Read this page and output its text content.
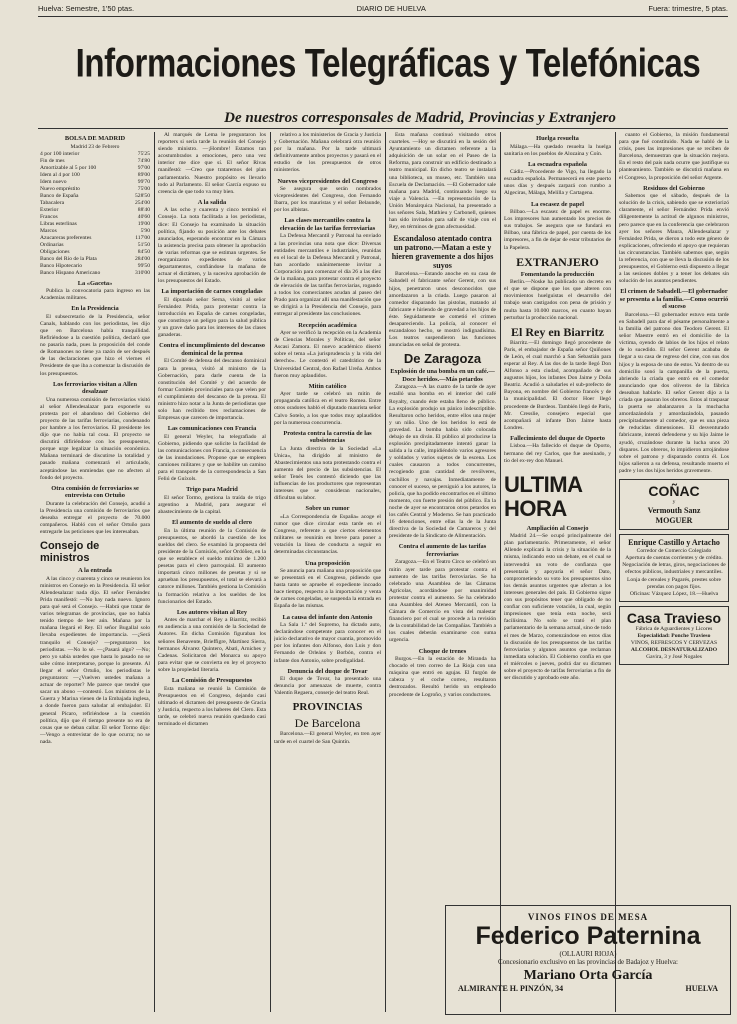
Huelva: Semestre, 1'50 ptas.	DIARIO DE HUELVA	Fuera: trimestre, 5 ptas.
Informaciones Telegráficas y Telefónicas
De nuestros corresponsales de Madrid, Provincias y Extranjero
BOLSA DE MADRID
Madrid 23 de Febrero
4 por 100 interior	75'25
Fin de mes	74'80
Amortizable al 5 por 100	97'00
Idem al 4 por 100	89'00
Idem nuevo	99'70
Nuevo empréstito	75'00
Banco de España	528'50
Tabacalera	254'00
Exterior	88'40
Francos	40'60
Libras esterlinas	19'00
Marcos	5'90
Azucareras preferentes	117'00
Ordinarias	51'50
Obligaciones	84'50
Banco del Río de la Plata	284'00
Banco Hipotecario	99'50
Banco Hispano Americano	310'00
La «Gaceta»

Publica la convocatoria para ingreso en las Academias militares.

En la Presidencia

El subsecretario de la Presidencia, señor Canals, hablando con los periodistas, les dijo que en Barcelona había tranquilidad. Refiriéndose a la cuestión política, declaró que no pasaría nada, pues la proposición del conde de Romanones no tiene ya razón de ser después de las declaraciones que hizo el viernes el Presidente de que iba a comenzar la discusión de los presupuestos.

Los ferroviarios visitan a Allen desalzaar

Una numerosa comisión de ferroviarios visitó al señor Allendesalazar para exponerle su protesta por el abandono del Gobierno del proyecto de las tarifas ferroviarias, condenando por hambre a los ferroviarios. El presidente les dijo que no había tal cosa. El proyecto se discutirá difiriéndose con los presupuestos, porque urge legalizar la situación económica. Mañana terminará de discutirse la totalidad y pasado mañana comenzará el articulado, aceptándose las enmiendas que no afecten al fondo del proyecto.

Otra comisión de ferroviarios se entrevista con Ortuño

Durante la celebración del Consejo, acudió a la Presidencia una comisión de ferroviarios que deseaba entregar el proyecto de 70.000 compañeros. Habló con el señor Ortuño para entregarle las peticiones que les interesaban.

Consejo de ministros
A la entrada

A las cinco y cuarenta y cinco se reunieron los ministros en Consejo en la Presidencia. El señor Allendesalazar nada dijo. El señor Fernández Prida manifestó: —No hay nada nuevo. Ignoro para qué será el Consejo. —Habrá que tratar de varios telegramas de provincias, que no había tenido tiempo de leer aún. Mañana por la mañana llegará el Rey. El señor Bugallal solo llevaba expedientes de importancia. —¿Será tranquilo el Consejo? —preguntaron los periodistas. —No lo sé. —¿Pasará algo? —No; pero yo sabía ustedes que hasta lo pasado no se sabe cómo interpretarse, porque lo presente. Al llegar el señor Ortuño, los periodistas le preguntaron: —¿Vuelven ustedes mañana a actuar de reporter? Me parece que tendré que sacar un abono —contestó. Los ministros de la Guerra y Marina vienen de la Embajada inglesa, a donde fueron para saludar al embajador. El general Pícaro, refiriéndose a la cuestión política, dijo que él tiempo presente no era de cosas que se deban callar. El señor Tormo dijo: —Vengo a entrevistar de lo que ocurra; no se nada.

Al marqués de Lema le preguntaron los reporters si sería tarde la reunión del Consejo siendo ministro. —¡Hombre! Estamos tan acostumbrados a emociones, pero una vez interior me dice que sí. El señor Rivas manifestó: —Creo que trataremos del plan parlamentario. Nuestro propósito es llevarlo todo al Parlamento. El señor García expuso su creencia de que todo va muy bien.

A la salida

A las ocho y cuarenta y cinco terminó el Consejo. La nota facilitada a los periodistas, dice: El Consejo ha examinado la situación política, fijando su posición ante los debates anunciados, esperando encontrar en la Cámara la asistencia precisa para obtener la aprobación de varias reformas que se estiman urgentes. Se reorganizaron expedientes de varios departamentos, confiándose la mañana de actuar el dictámen, y la sucesiva aprobación de los presupuestos del Estado.

La importación de carnes congeladas

El diputado señor Serna, visitó al señor Fernández Prida, para protestar contra la introducción en España de carnes congeladas, que constituye un peligro para la salud pública y un grave daño para los intereses de las clases ganaderas.

Contra el incumplimiento del descanso dominical de la prensa

El Comité de defensa del descanso dominical para la prensa, visitó al ministro de la Gobernación, para darle cuenta de la constitución del Comité y del acuerdo de formar Comités provinciales para que velen por el cumplimiento del descanso de la prensa. El ministro hizo notar a la Junta de periodistas que solo han recibido tres reclamaciones de Empresas que carecen de importancia.

Las comunicaciones con Francia

El general Weyler, ha telegrafiado al Gobierno, pidiendo que solicite la facilidad de las comunicaciones con Francia, a consecuencia de las inundaciones. Propone que se empleen camiones militares y que se habilite un camino para el transporte de la correspondencia a San Feliú de Guíxols.

Trigo para Madrid

El señor Tormo, gestiona la traída de trigo argentino a Madrid, para asegurar el abastecimiento de la capital.

El aumento de sueldo al clero

En la última reunión de la Comisión de presupuestos, se abordó la cuestión de los sueldos del clero. Se examinó la propuesta del presidente de la Comisión, señor Ordóñez, en la que se establece el sueldo mínimo de 1.200 pesetas para el clero parroquial. El aumento importará cinco millones de pesetas y si se aprueban los presupuestos, el total se elevará a catorce millones. También gestiona la Comisión la formación relativa a los sueldos de los funcionarios del Estado.

Los autores visitan al Rey

Antes de marchar el Rey a Biarritz, recibió en audiencia a una comisión de la Sociedad de Autores. En dicha Comisión figuraban los señores Benavente, Brieffigre, Martínez Sierra, hermanos Álvarez Quintero, Abati, Arniches y Cadenas. Solicitaron del Monarca su apoyo para evitar que se convierta en ley el proyecto sobre la propiedad literaria.

La Comisión de Presupuestos

Esta mañana se reunió la Comisión de Presupuestos en el Congreso, dejando casi ultimado el dictamen del presupuesto de Gracia y Justicia, respecto a los haberes del Clero. Esta tarde, se celebró nueva reunión quedando casi terminado el dictamen

relativo a los ministerios de Gracia y Justicia y Gobernación. Mañana celebrará otra reunión por la mañana. Por la tarde ultimará definitivamente ambos proyectos y pasará en el estudio de los presupuestos de otros ministerios.

Nuevos vicepresidentes del Congreso

Se asegura que serán nombrados vicepresidentes del Congreso, don Fernando Ibarra, por los mauristas y el señor Belaunde, por los albistas.

Las clases mercantiles contra la elevación de las tarifas ferroviarias

La Defensa Mercantil y Patronal ha enviado a las provincias una nota que dice: Diversas entidades mercantiles e industriales, reunidas en el local de la Defensa Mercantil y Patronal, han acordado unánimemente invitar a Corporación para comenzar el día 26 a las diez de la mañana, para protestar contra el proyecto de elevación de las tarifas ferroviarias, rogando a todos los comerciantes acudan al paseo del Prado para organizar allí una manifestación que se dirigirá a la Presidencia del Consejo, para entregar al presidente las conclusiones.

Recepción académica

Ayer se verificó la recepción en la Academia de Ciencias Morales y Políticas, del señor Ascasi Zamora. El nuevo académico disertó sobre el tema «La jurisprudencia y la vida del derecho». Le contestó el catedrático de la Universidad Central, don Rafael Ureña. Ambos fueron muy aplaudidos.

Mitin católico

Ayer tarde se celebró un mitin de propaganda católica en el teatro Romea. Entre otros oradores habló el diputado maurista señor Calvo Sotelo, a los que todos muy aplaudidos por la numerosa concurrencia.

Protesta contra la carestía de las subsistencias

La Junta directiva de la Sociedad «La Unica», ha dirigido al ministro de Abastecimientos una nota protestando contra el aumento del precio de las subsistencias. El señor Tenés les contestó diciendo que las influencias de los productores que representan intereses que se consideran nacionales, dificultan su labor.

Sobre un rumor

«La Correspondencia de España» acoge el rumor que dice circular esta tarde en el Congreso, referente a que ciertos elementos militares se reunirán en breve para poner a votación la línea de conducta a seguir en determinadas circunstancias.

Una proposición

Se anuncia para mañana una proposición que se presentará en el Congreso, pidiendo que hasta tanto se apruebe el expediente incoado hace tiempo, respecto a la importación y venta de carnes congeladas, se suspenda la entrada en España de las mismas.

La causa del infante don Antonio

La Sala 1.ª del Supremo, ha dictado auto, declarándose competente para conocer en el juicio declarativo de mayor cuantía, promovido por los infantes don Alfonso, don Luis y don Fernando de Orleáns y Borbón, contra el infante don Antonio, sobre prodigalidad.

Denuncia del duque de Tovar

El duque de Tovar, ha presentado una denuncia por amenazas de muerte, contra Valentín Regaera, conserje del teatro Real.

PROVINCIAS
De Barcelona

Barcelona.—El general Weyler, en tren ayer tarde en el cuartel de San Quintín.

Esta mañana continuó visitando otros cuarteles. —Hoy se discutirá en la sesión del Ayuntamiento un dictamen referente a la adquisición de un solar en el Paseo de la Reforma, para construir un edificio destinado a teatro municipal. En dicho teatro se instalará una biblioteca, un museo, etc. También una Escuela de Declamación. —El Gobernador sale mañana para Madrid, continuando luego su viaje a Valencia. —En representación de la Unión Monárquica Nacional, ha presentado a los señores Sala, Mathieu y Carbonell, quienes han sido invitados para salir de viaje con el Rey, en términos de gran afectuosidad.

Escandaloso atentado contra un patrono.—Matan a este y hieren gravemente a dos hijos suyos

Barcelona.—Estando anoche en su casa de Sabadell el fabricante señor Gerent, con sus hijos, penetraron unos desconocidos que amordazaron a la criada. Luego pasaron al comedor disparando las pistolas, matando al fabricante e hiriendo de gravedad a los hijos de éste. Seguidamente se cometió el crimen desapareciendo. La policía, al conocer el escandaloso hecho, se mostró indignadísima. Los teatros suspendieron las funciones anunciadas en señal de protesta.

De Zaragoza
Explosión de una bomba en un café.—Doce heridos.—Más petardos

Zaragoza.—A las cuatro de la tarde de ayer estalló una bomba en el interior del café Royalty, cuando éste estaba lleno de público. La explosión produjo un pánico indescriptible. Resultaron ocho heridos, entre ellos una mujer y un niño. Uno de los heridos lo está de gravedad. La bomba había sido colocada debajo de un diván. El público al producirse la explosión precipitadamente intentó ganar la salida a la calle, impidiéndolo varios agresores y soldados y varios sujetos de la escena. Los cuales causaron a todos concurrentes, recogiendo gran cantidad de revólveres, cuchillos y navajas. Inmediatamente de conocer el suceso, se persiguió a los autores, la policía, que ha podido encontrarlos en el último momento, con fuerte presión del público. En la noche de ayer se encontraron otros petardos en los cafés Central y Moderno. Se han practicado 16 detenciones, entre ellas la de la Junta directiva de la Sociedad de Camareros y del presidente de la Sindicato de Alimentación.

Contra el aumento de las tarifas ferroviarias

Zaragoza.—En el Teatro Circo se celebró un mitin ayer tarde para protestar contra el aumento de las tarifas ferroviarias. Se ha celebrado una Asamblea de las Cámaras Agrícolas, acordándose por unanimidad protestar contra el aumento. Se ha celebrado una Asamblea del Ateneo Mercantil, con la Cámara de Comercio en vista del malestar financiero por el cual se procede a la revisión de la contabilidad de las Compañías. También a los cuales deberán examinarse con suma urgencia.

Choque de trenes

Burgos.—En la estación de Miranda ha chocado el tren correo de La Rioja con una máquina que entró en agujas. El furgón de cabeza y el coche correo, resultaron destrozados. Resultó herido un empleado procedente de Logroño, y varios conductores.

Huelga resuelta

Málaga.—Ha quedado resuelta la huelga sanitaria en los pueblos de Alozaina y Coín.

La escuadra española

Cádiz.—Procedente de Vigo, ha llegado la escuadra española. Permanecerá en este puerto unos días y después zarpará con rumbo a Algeciras, Málaga, Melilla y Cartagena.

La escasez de papel

Bilbao.—La escasez de papel es enorme. Los impresores han aumentado los precios de sus trabajos. Se asegura que se fundará en Bilbao, una fábrica de papel, por cuenta de los impresores, a fin de dejar de estar tributarios de la Papelera.

EXTRANJERO
Fomentando la producción

Berlín.—Noske ha publicado un decreto en el que se dispone que los que alteren con movimientos huelguistas el desarrollo del trabajo sean castigados con pena de prisión y multa hasta 10.000 marcos, en cuanto hayan perturbar la producción nacional.

El Rey en Biarritz

Biarritz.—El domingo llegó procedente de París, el embajador de España señor Quiñones de León, el cual marchó a San Sebastián para esperar al Rey. A las dos de la tarde llegó Don Alfonso a esta ciudad, acompañado de sus augustos hijos, los infantes Don Jaime y Doña Beatriz. Acudió a saludarles el sub-prefecto de Bayona, en nombre del Gobierno francés y de la municipalidad. El doctor Hoer llegó procedente de Burdeos. También llegó de París, Mr. Cresslie, consejero especial que acompañará al infante Don Jaime hasta Londres.

Fallecimiento del duque de Oporto

Lisboa.—Ha fallecido el duque de Oporto, hermano del rey Carlos, que fue asesinado, y tío del ex-rey don Manuel.

ULTIMA HORA
Ampliación al Consejo

Madrid 24.—Se ocupó principalmente del plan parlamentario. Primeramente, el señor Allende explicará la crisis y la situación de la misma, indicando esto un debate, en el cual se intervendrá un voto de confianza que presentaría y apoyaría el señor Dato, comprometiendo su voto los presupuestos sino los demás asuntos urgentes que afectan a los intereses generales del país. El Gobierno sigue con sus propósitos tener que obligado de no confiar con suficiente votación, la cual, según impresiones que tenía esta noche, será facilísima. No solo se trató el plan parlamentario de la semana actual, sino de todo el mes de Marzo, comenzándose en estos días la discusión de los presupuestos de las tarifas ferroviarias y algunos asuntos que reclaman inmediata solución. El Gobierno confía en que el miércoles o jueves, podrá dar su dictamen sobre el proyecto de tarifas ferroviarias a fin de ser discutido y aprobado este año.

cuanto el Gobierno, la misión fundamental para que fué constituido. Nada se habló de la crisis, pues las impresiones que se reciben de Barcelona, demuestran que la situación mejora. En el resto del país nada ocurre que justifique su planteamiento. También se discutirá mañana en el Congreso, la proposición del señor Argente.

Residuos del Gobierno

Sabemos que el sábado, después de la solución de la crisis, sabiendo que se exteriorizó claramente, el señor Fernández Prida envió diligentemente la actitud de algunos ministros, pero parece que en la conferencia que celebraron ayer los señores Maura, Allendesalazar y Fernández Prida, se dieron a todo este género de explicaciones, ofreciendo el apoyo que requieran las circunstancias. También sabemos que, según la referencia, con que se lleva la discusión de los presupuestos, el Gobierno está dispuesto a llegar a las sesiones dobles y a tener los debates sin solución de los asuntos pendientes.

El crimen de Sabadell.—El gobernador se presenta a la familia.—Como ocurrió el suceso

Barcelona.—El gobernador estuvo esta tarde en Sabadell para dar el pésame personalmente a la familia del patrono don Teodoro Gerent. El señor Maestre entró en el domicilio de la víctima, oyendo de labios de los hijos el relato de lo sucedido. El señor Gerent acababa de llegar a su casa de regreso del cine, con sus dos hijos y la esposa de uno de estos. Ya dentro de su domicilio sonó la campanilla de la puerta, abriendo la criada que entró en el comedor anunciando que dos oliveros de la fábrica deseaban hablarle. El señor Gerent dijo a la criada que pasaran los obreros. Estos al traspasar la puerta se abalanzaron a la muchacha amordazándola y amordazándola, pasando precipitadamente al comedor, que es una pieza de reducidas dimensiones. El desventurado fabricante, intentó defenderse y su hijo Jaime le ayudó, cruzándose durante la lucha unos 20 disparos. Los obreros, lo impidieron arrojándose sobre el patrono y disparando contra él. Los hijos salieron a su defensa, resultando muerto el padre y los dos hijos heridos gravemente.

COÑAC
y
Vermouth Sanz
MOGUER
Enrique Castillo y Artacho
Corredor de Comercio Colegiado
Apertura de cuentas corrientes y de crédito. Negociación de letras, giros, negociaciones de efectos públicos, industriales y mercantiles. Lonja de cereales y Pagarés, prestes sobre prendas con pagos fijos.
Oficinas: Vázquez López, 18.—Huelva
Casa Travieso
Fábrica de Aguardientes y Licores
Especialidad: Ponche Travieso
VINOS, REFRESCOS Y CERVEZAS
ALCOHOL DESNATURALIZADO
Gavira, 3 y José Nogales
VINOS FINOS DE MESA
Federico Paternina
(OLLAURI RIOJA)
Concesionario exclusivo en las provincias de Badajoz y Huelva:
Mariano Orta García
ALMIRANTE H. PINZÓN, 34	HUELVA
